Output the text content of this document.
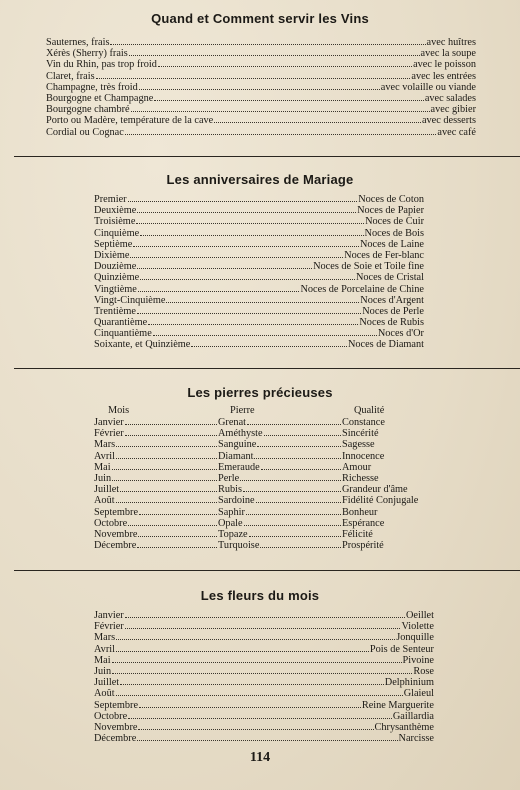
Quand et Comment servir les Vins
Sauternes, frais	avec huîtres
Xérès (Sherry) frais	avec la soupe
Vin du Rhin, pas trop froid	avec le poisson
Claret, frais	avec les entrées
Champagne, très froid	avec volaille ou viande
Bourgogne et Champagne	avec salades
Bourgogne chambré	avec gibier
Porto ou Madère, température de la cave	avec desserts
Cordial ou Cognac	avec café
Les anniversaires de Mariage
Premier	Noces de Coton
Deuxième	Noces de Papier
Troisième	Noces de Cuir
Cinquième	Noces de Bois
Septième	Noces de Laine
Dixième	Noces de Fer-blanc
Douzième	Noces de Soie et Toile fine
Quinzième	Noces de Cristal
Vingtième	Noces de Porcelaine de Chine
Vingt-Cinquième	Noces d'Argent
Trentième	Noces de Perle
Quarantième	Noces de Rubis
Cinquantième	Noces d'Or
Soixante, et Quinzième	Noces de Diamant
Les pierres précieuses
Mois	Pierre	Qualité
Janvier	Grenat	Constance
Février	Améthyste	Sincérité
Mars	Sanguine	Sagesse
Avril	Diamant	Innocence
Mai	Emeraude	Amour
Juin	Perle	Richesse
Juillet	Rubis	Grandeur d'âme
Août	Sardoine	Fidélité Conjugale
Septembre	Saphir	Bonheur
Octobre	Opale	Espérance
Novembre	Topaze	Félicité
Décembre	Turquoise	Prospérité
Les fleurs du mois
Janvier	Oeillet
Février	Violette
Mars	Jonquille
Avril	Pois de Senteur
Mai	Pivoine
Juin	Rose
Juillet	Delphinium
Août	Glaieul
Septembre	Reine Marguerite
Octobre	Gaillardia
Novembre	Chrysanthème
Décembre	Narcisse
114
